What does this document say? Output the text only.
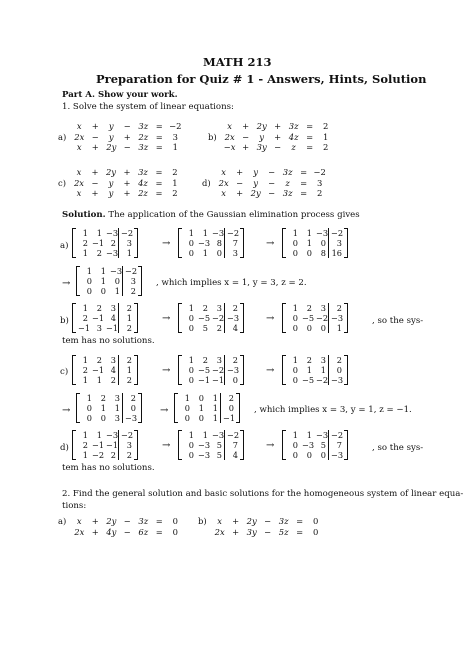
MATH 213
Preparation for Quiz # 1 - Answers, Hints, Solution
Part A. Show your work.
1. Solve the system of linear equations:
	x	+	y	−	3z	=	−2
a)	2x	−	y	+	2z	=	3
	x	+	2y	−	3z	=	1
	x	+	2y	+	3z	=	2
b)	2x	−	y	+	4z	=	1
	−x	+	3y	−	z	=	2
	x	+	2y	+	3z	=	2
c)	2x	−	y	+	4z	=	1
	x	+	y	+	2z	=	2
	x	+	y	−	3z	=	−2
d)	2x	−	y	−	z	=	3
	x	+	2y	−	3z	=	2
a)	x	+	2y	−	3z	=	0
	2x	+	4y	−	6z	=	0
b)	x	+	2y	−	3z	=	0
	2x	+	3y	−	5z	=	0
Solution. The application of the Gaussian elimination process gives
a)
1	1 −3 −2
2 −1 2	3
1	2 −3	1
→
1	1 −3 −2
0 −3 8	7
0	1	0	3
→
1	1 −3 −2
0	1	0	3
0	0	8 16
→
1	1 −3 −2
0	1	0	3
0	0	1	2
, which implies x = 1, y = 3, z = 2.
b)
1	2	3	2
2 −1 4	1
−1 3 −1	2
→
1	2	3	2
0 −5 −2 −3
0	5	2	4
→
1	2	3	2
0 −5 −2 −3
0	0	0	1
, so the sys-
tem has no solutions.
c)
1	2	3	2
2 −1 4	1
1	1	2	2
→
1	2	3	2
0 −5 −2 −3
0 −1 −1	0
→
1	2	3	2
0	1	1	0
0 −5 −2 −3
→
1	2	3	2
0	1	1	0
0	0	3 −3
→
1	0	1	2
0	1	1	0
0	0	1 −1
, which implies x = 3, y = 1, z = −1.
d)
1	1 −3 −2
2 −1 −1	3
1 −2 2	2
→
1	1 −3 −2
0 −3 5	7
0 −3 5	4
→
1	1 −3 −2
0 −3 5	7
0	0	0 −3
, so the sys-
tem has no solutions.
2. Find the general solution and basic solutions for the homogeneous system of linear equa-
tions:
